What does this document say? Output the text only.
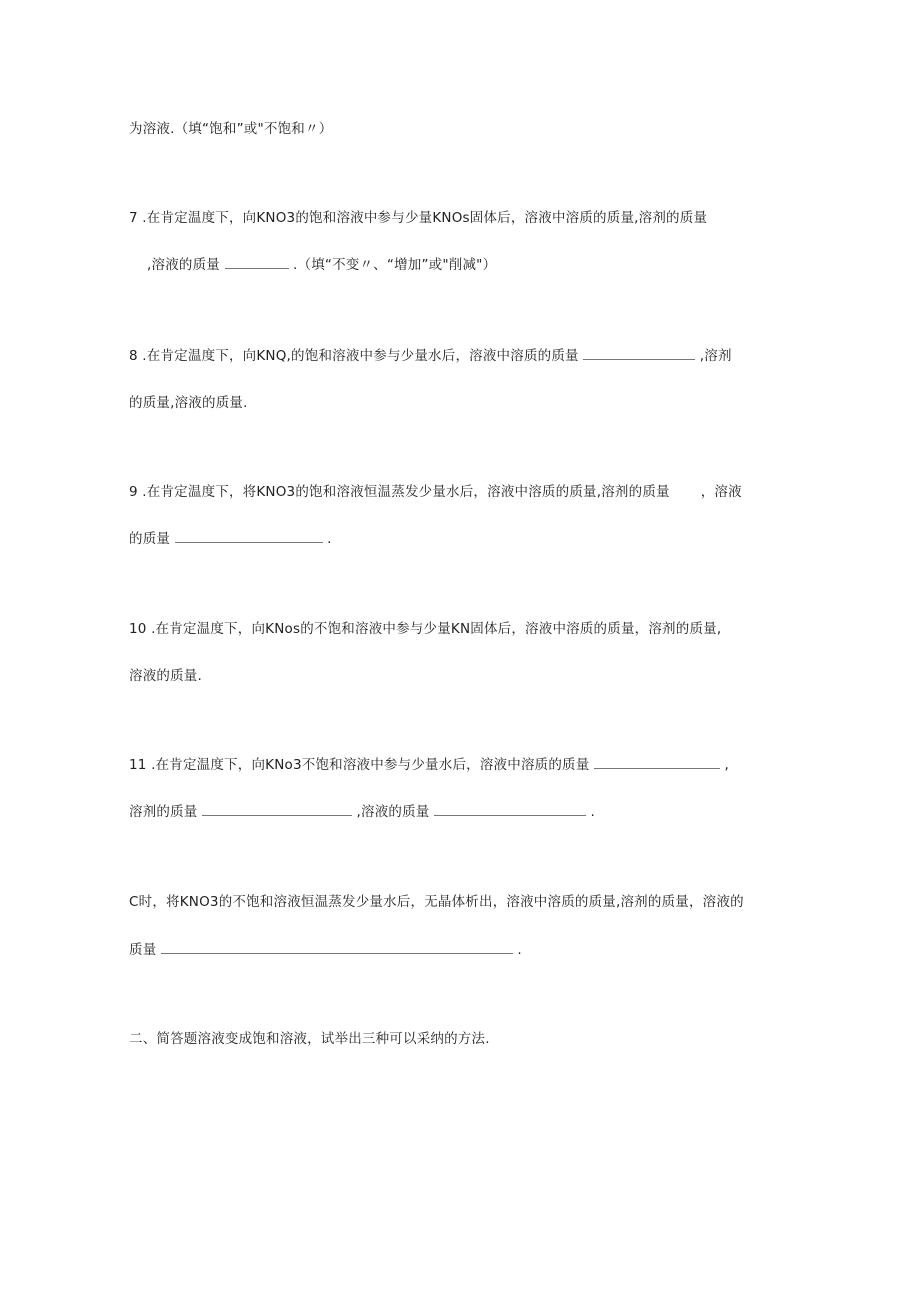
为溶液.（填“饱和”或"不饱和〃）
7 .在肯定温度下，向KNO3的饱和溶液中参与少量KNOs固体后，溶液中溶质的质量,溶剂的质量
,溶液的质量	.（填“不变〃、“增加”或"削减"）
8 .在肯定温度下，向KNQ,的饱和溶液中参与少量水后，溶液中溶质的质量	,溶剂
的质量,溶液的质量.
9 .在肯定温度下，将KNO3的饱和溶液恒温蒸发少量水后，溶液中溶质的质量,溶剂的质量 ，溶液
的质量	.
10 .在肯定温度下，向KNos的不饱和溶液中参与少量KN固体后，溶液中溶质的质量，溶剂的质量,
溶液的质量.
11 .在肯定温度下，向KNo3不饱和溶液中参与少量水后，溶液中溶质的质量	,
溶剂的质量	,溶液的质量	.
C时，将KNO3的不饱和溶液恒温蒸发少量水后，无晶体析出，溶液中溶质的质量,溶剂的质量，溶液的
质量	.
二、简答题溶液变成饱和溶液，试举出三种可以采纳的方法.
